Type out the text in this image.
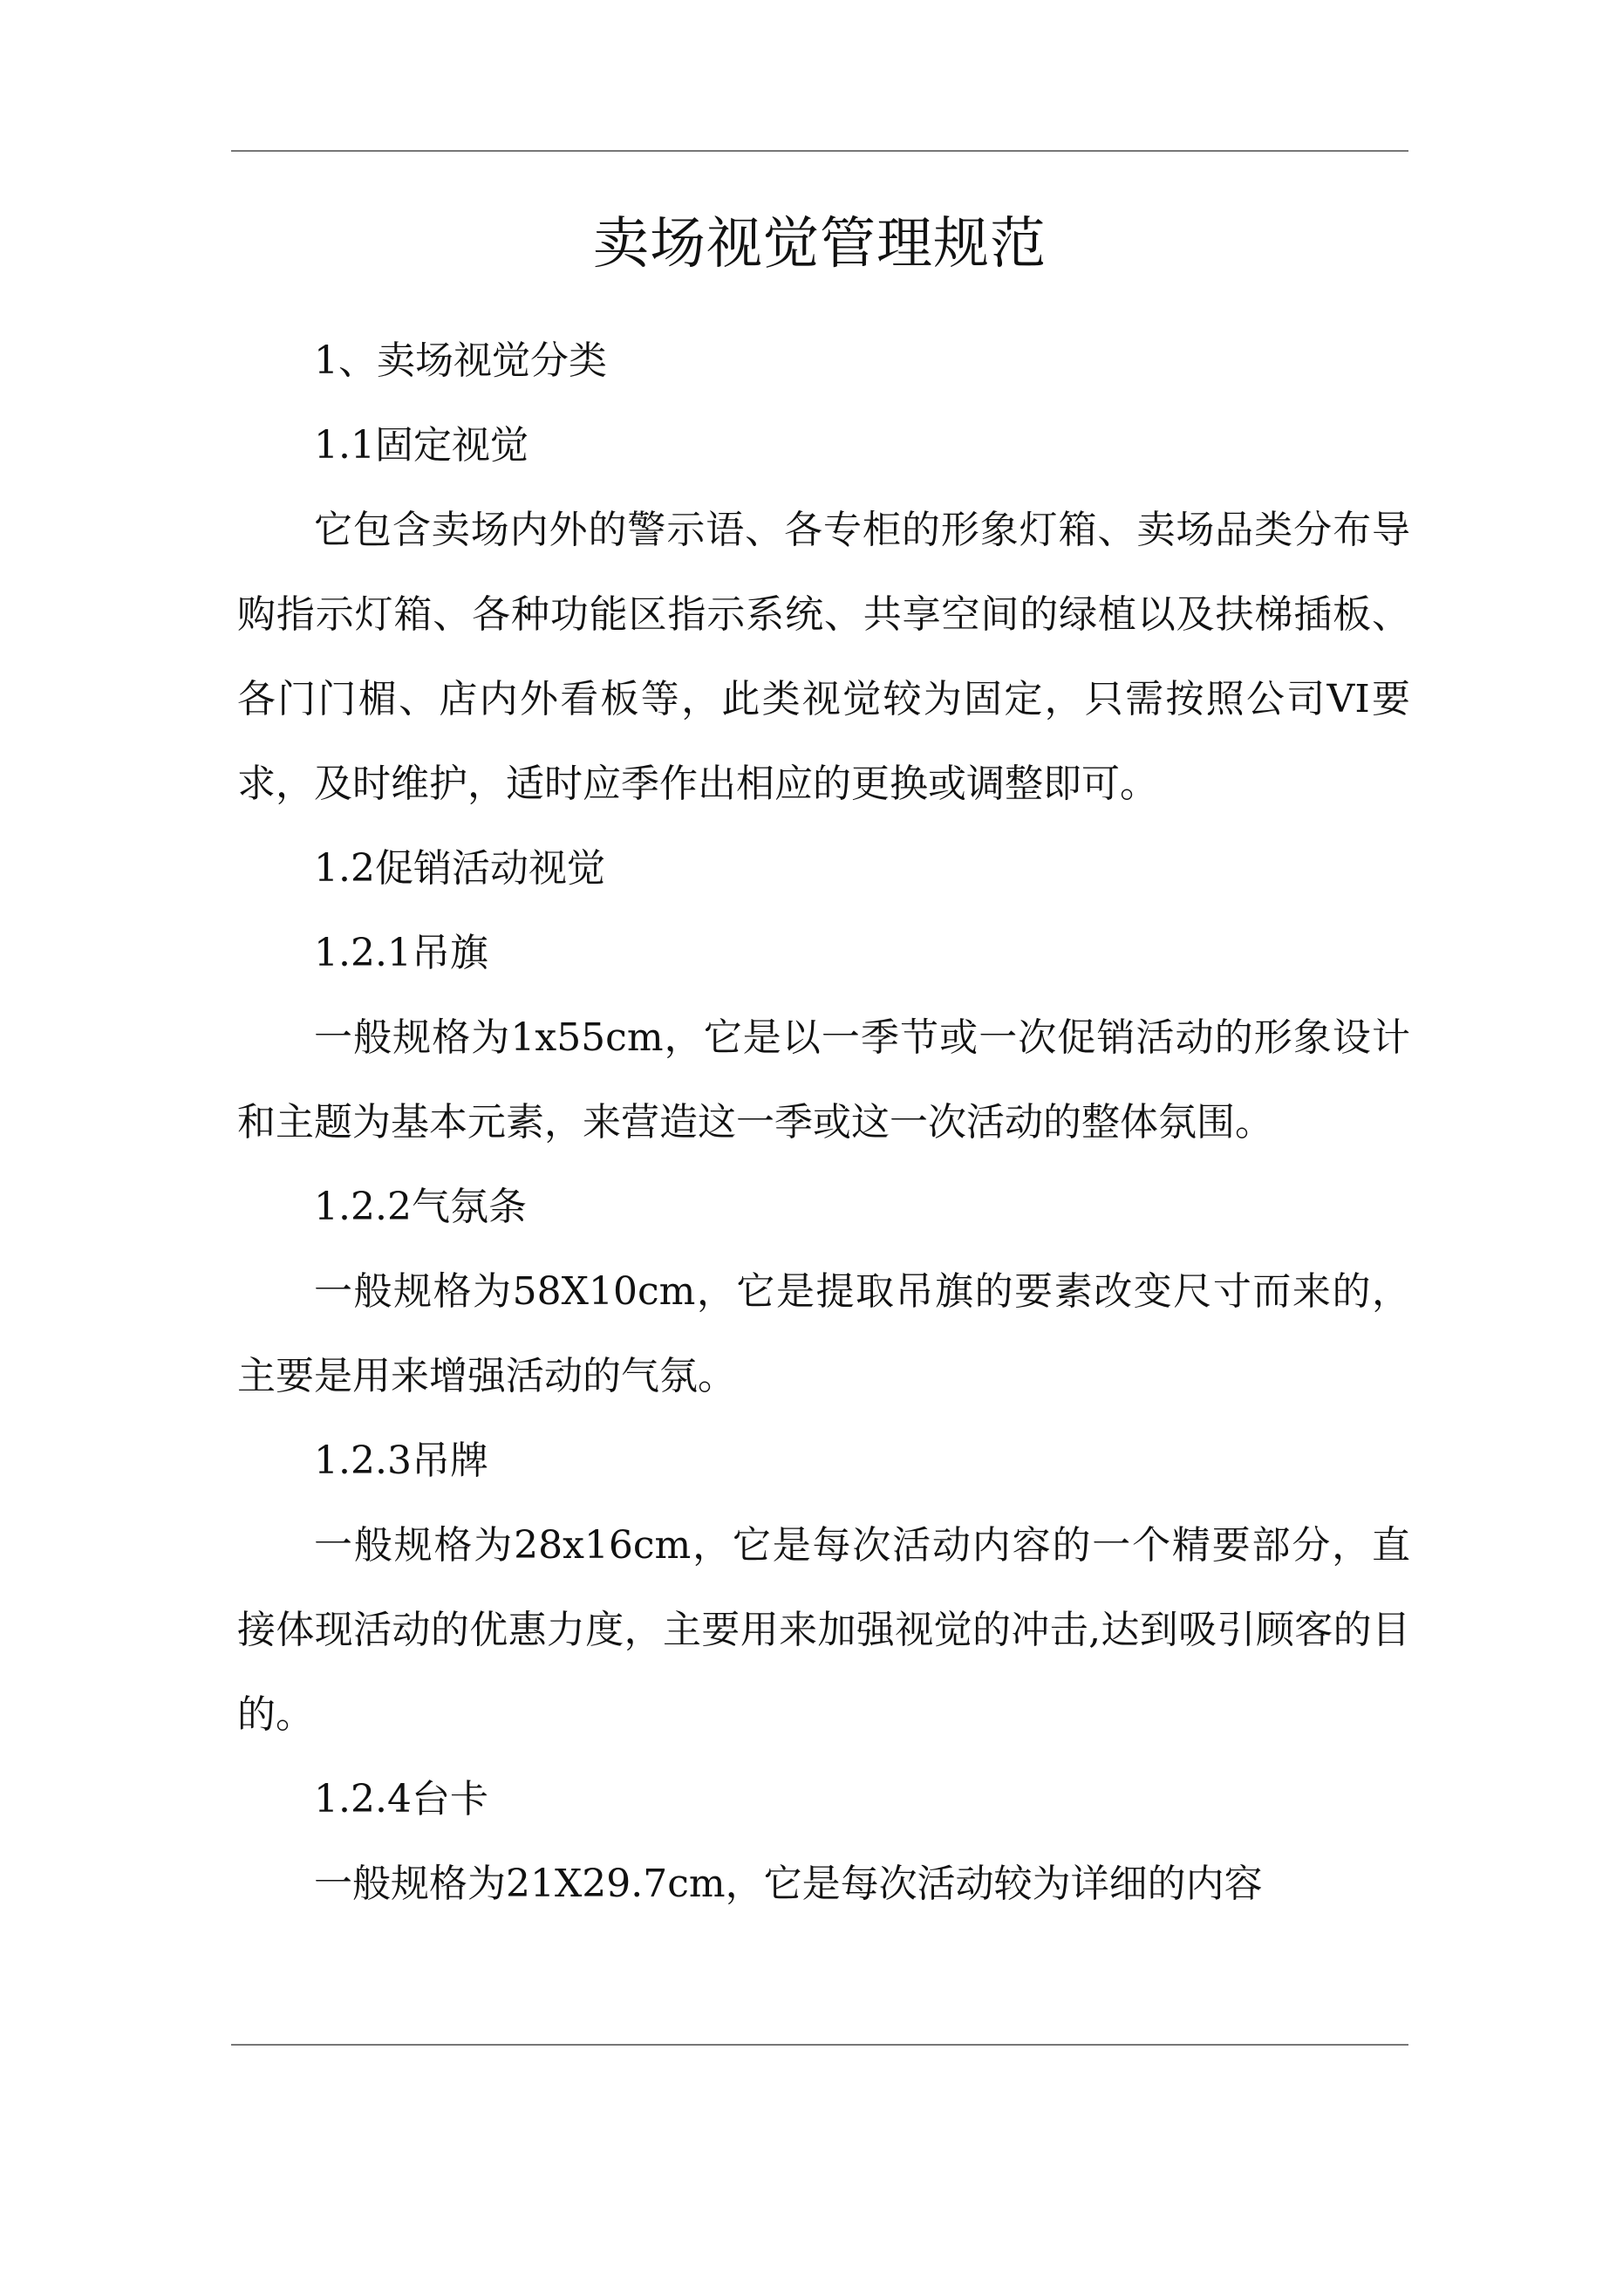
卖场视觉管理规范

1、卖场视觉分类

1.1固定视觉

它包含卖场内外的警示语、各专柜的形象灯箱、卖场品类分布导购指示灯箱、各种功能区指示系统、共享空间的绿植以及扶梯插板、各门门楣、店内外看板等，此类视觉较为固定，只需按照公司VI要求，及时维护，适时应季作出相应的更换或调整即可。

1.2促销活动视觉

1.2.1吊旗

一般规格为1x55cm，它是以一季节或一次促销活动的形象设计和主题为基本元素，来营造这一季或这一次活动的整体氛围。

1.2.2气氛条

一般规格为58X10cm，它是提取吊旗的要素改变尺寸而来的，主要是用来增强活动的气氛。

1.2.3吊牌

一般规格为28x16cm，它是每次活动内容的一个精要部分，直接体现活动的优惠力度，主要用来加强视觉的冲击,达到吸引顾客的目的。

1.2.4台卡

一般规格为21X29.7cm，它是每次活动较为详细的内容
